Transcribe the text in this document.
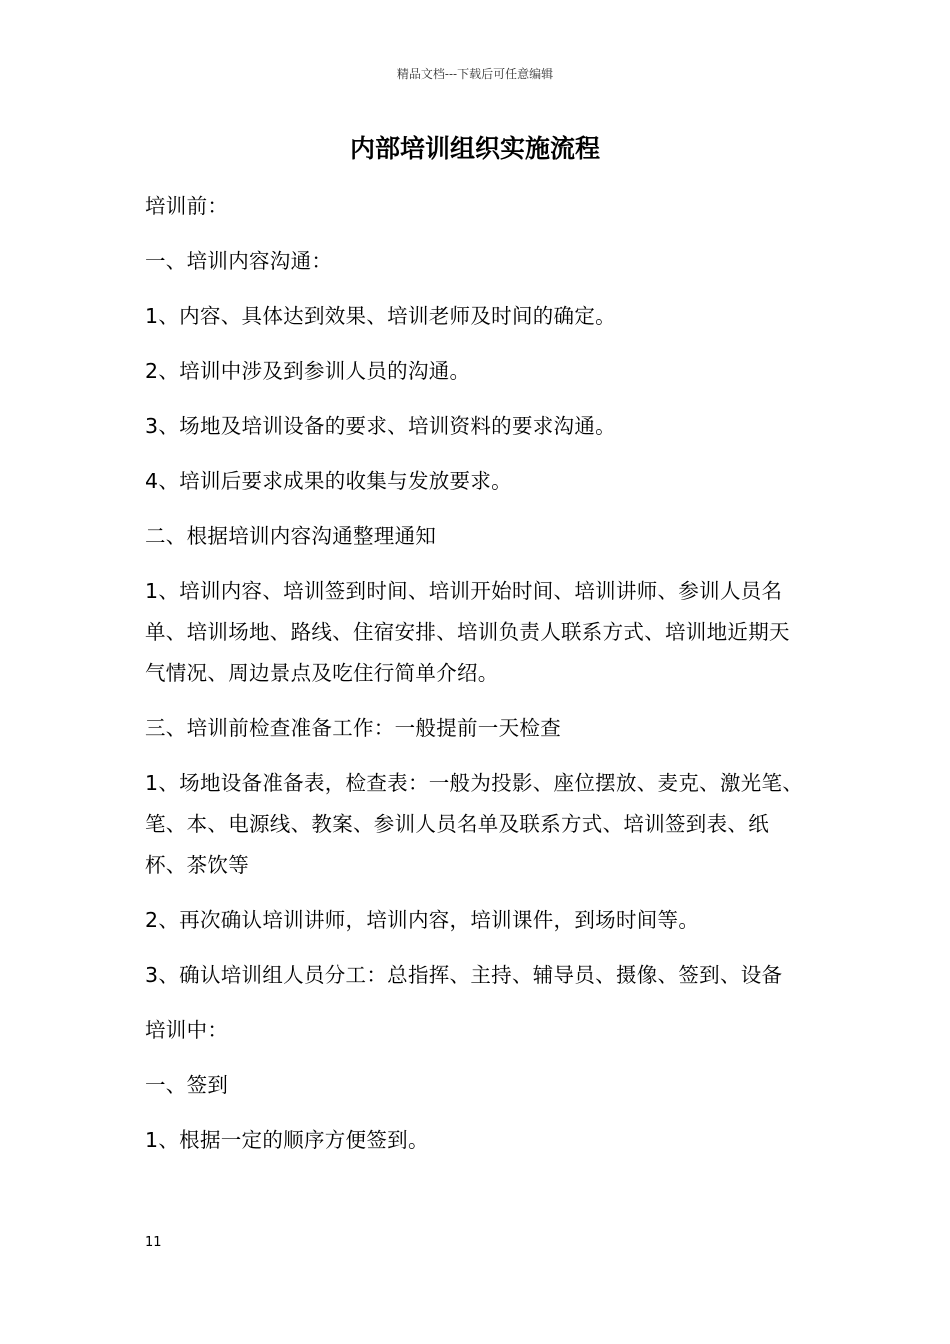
精品文档---下载后可任意编辑
内部培训组织实施流程

培训前：

一、培训内容沟通：

1、内容、具体达到效果、培训老师及时间的确定。

2、培训中涉及到参训人员的沟通。

3、场地及培训设备的要求、培训资料的要求沟通。

4、培训后要求成果的收集与发放要求。

二、根据培训内容沟通整理通知

1、培训内容、培训签到时间、培训开始时间、培训讲师、参训人员名单、培训场地、路线、住宿安排、培训负责人联系方式、培训地近期天气情况、周边景点及吃住行简单介绍。

三、培训前检查准备工作：一般提前一天检查

1、场地设备准备表，检查表：一般为投影、座位摆放、麦克、激光笔、笔、本、电源线、教案、参训人员名单及联系方式、培训签到表、纸杯、茶饮等

2、再次确认培训讲师，培训内容，培训课件，到场时间等。

3、确认培训组人员分工：总指挥、主持、辅导员、摄像、签到、设备

培训中：

一、签到

1、根据一定的顺序方便签到。

11
